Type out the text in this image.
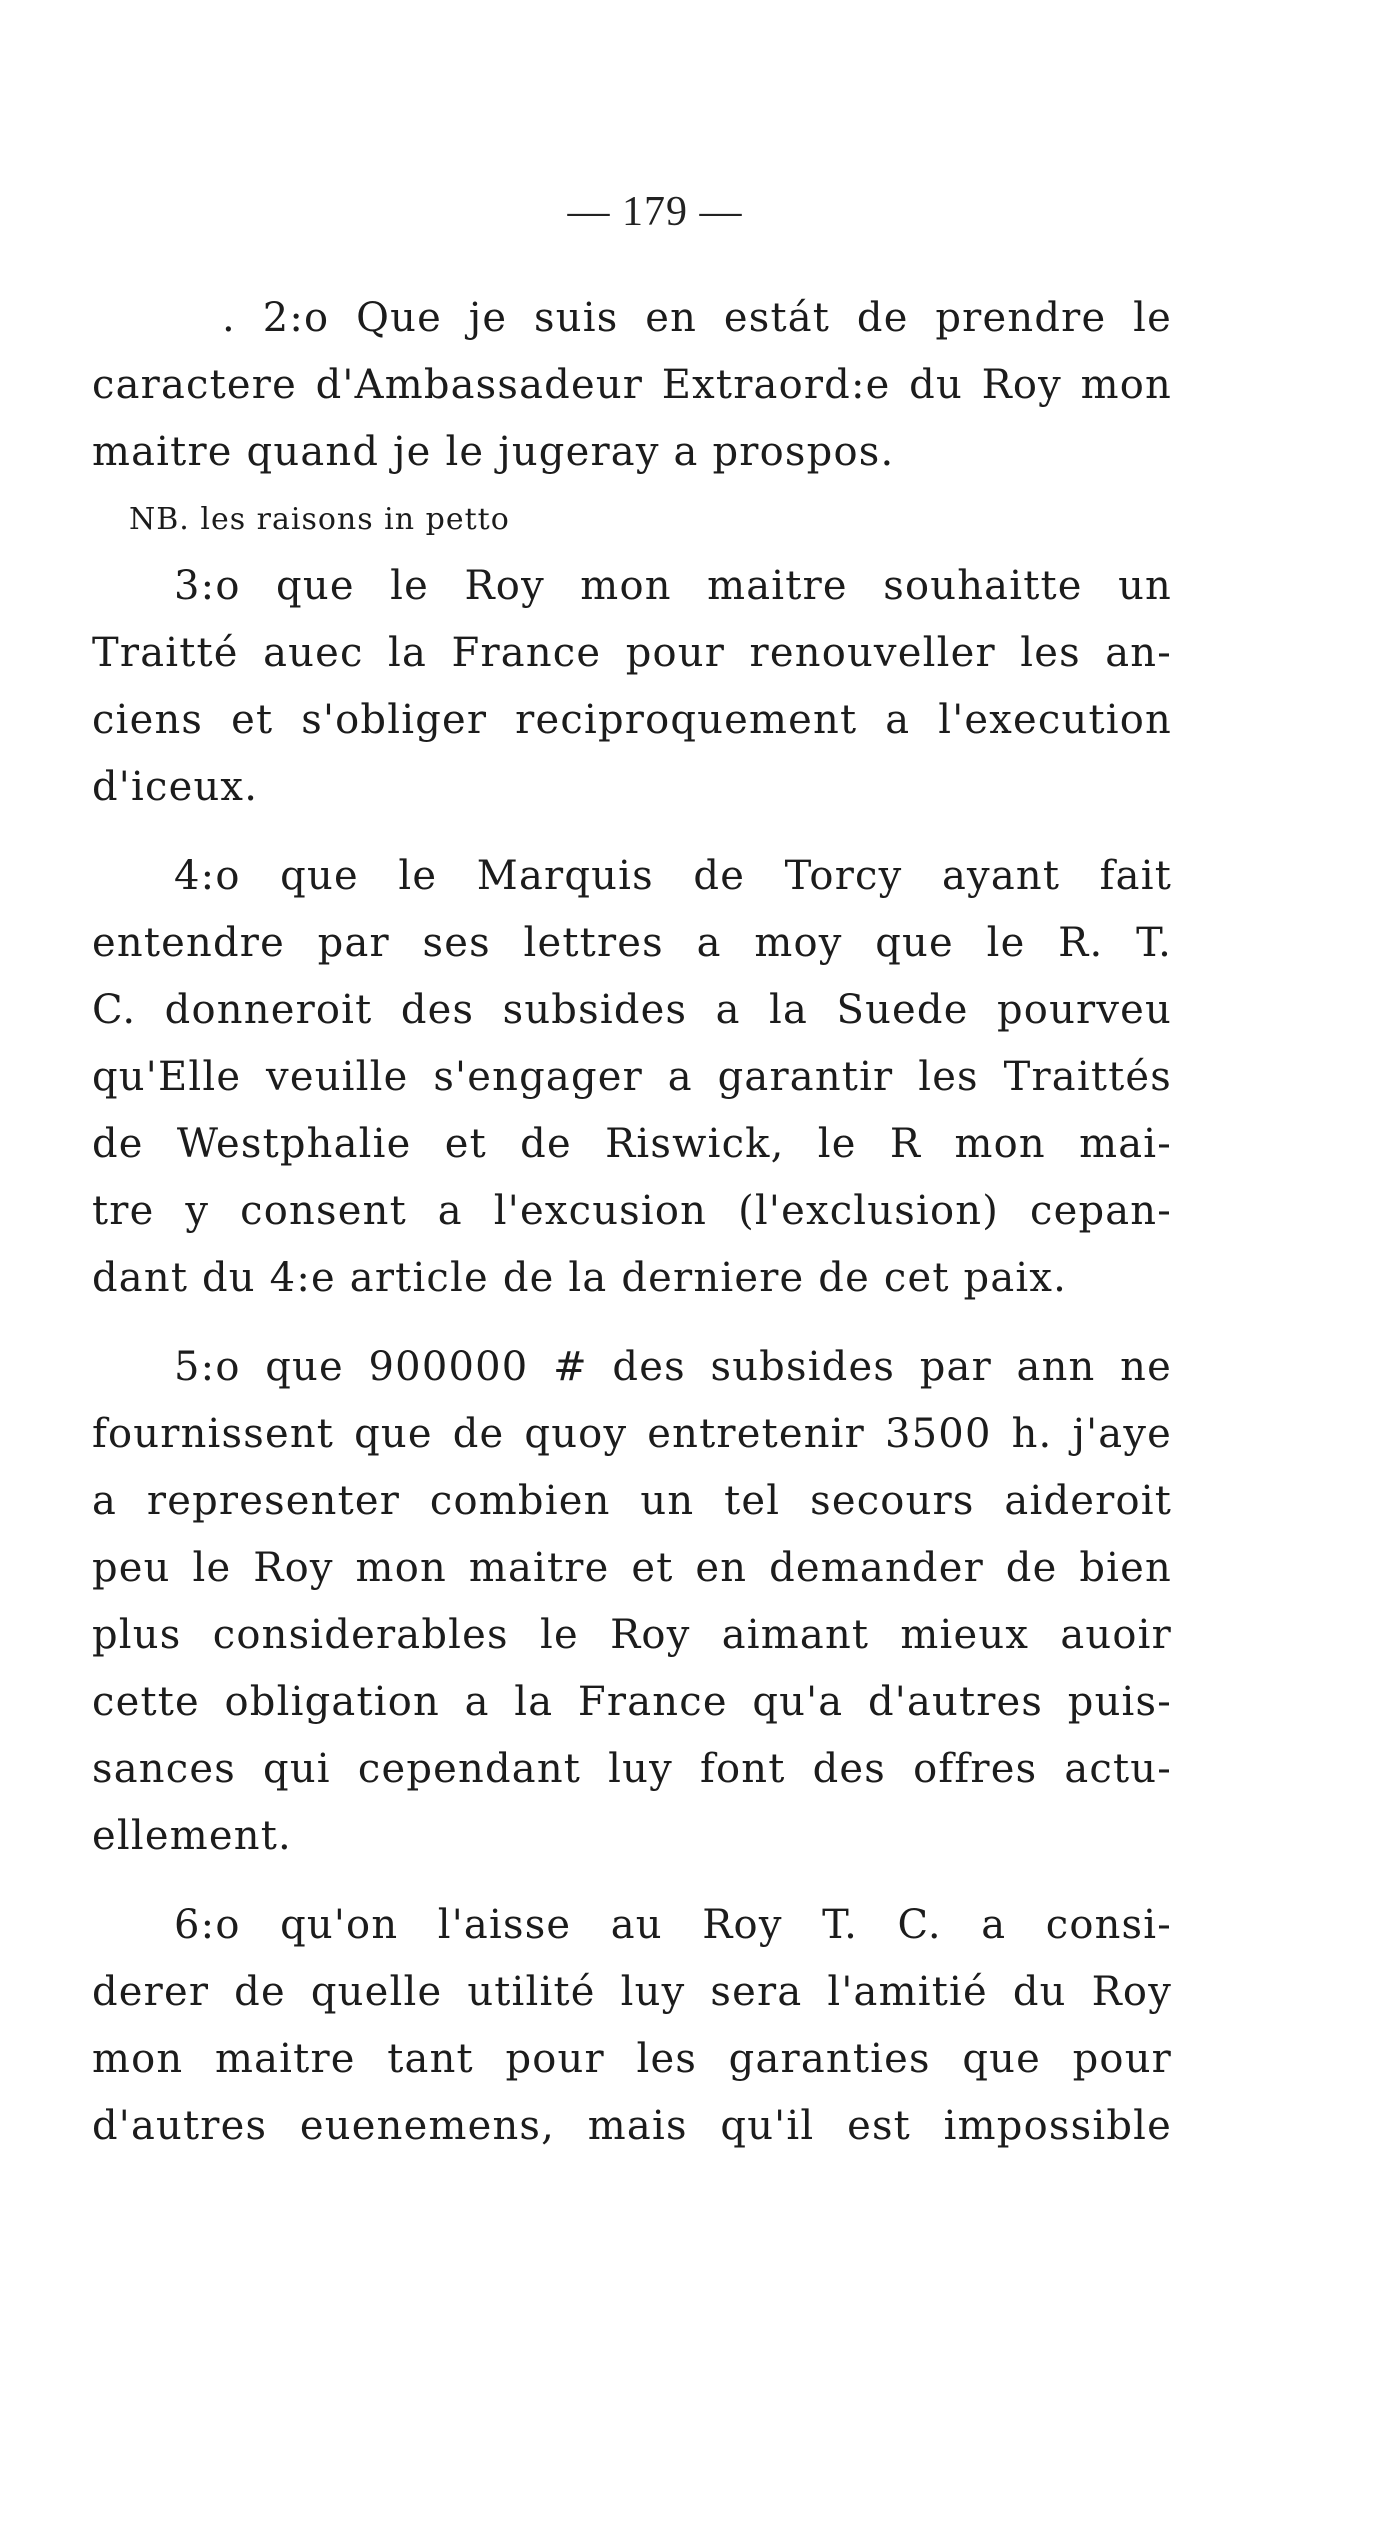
— 179 —
. 2:o Que je suis en estát de prendre le
caractere d'Ambassadeur Extraord:e du Roy mon
maitre quand je le jugeray a prospos.
NB. les raisons in petto
3:o que le Roy mon maitre souhaitte un
Traitté auec la France pour renouveller les an-
ciens et s'obliger reciproquement a l'execution
d'iceux.
4:o que le Marquis de Torcy ayant fait
entendre par ses lettres a moy que le R. T.
C. donneroit des subsides a la Suede pourveu
qu'Elle veuille s'engager a garantir les Traittés
de Westphalie et de Riswick, le R mon mai-
tre y consent a l'excusion (l'exclusion) cepan-
dant du 4:e article de la derniere de cet paix.
5:o que 900000 # des subsides par ann ne
fournissent que de quoy entretenir 3500 h. j'aye
a representer combien un tel secours aideroit
peu le Roy mon maitre et en demander de bien
plus considerables le Roy aimant mieux auoir
cette obligation a la France qu'a d'autres puis-
sances qui cependant luy font des offres actu-
ellement.
6:o qu'on l'aisse au Roy T. C. a consi-
derer de quelle utilité luy sera l'amitié du Roy
mon maitre tant pour les garanties que pour
d'autres euenemens, mais qu'il est impossible
